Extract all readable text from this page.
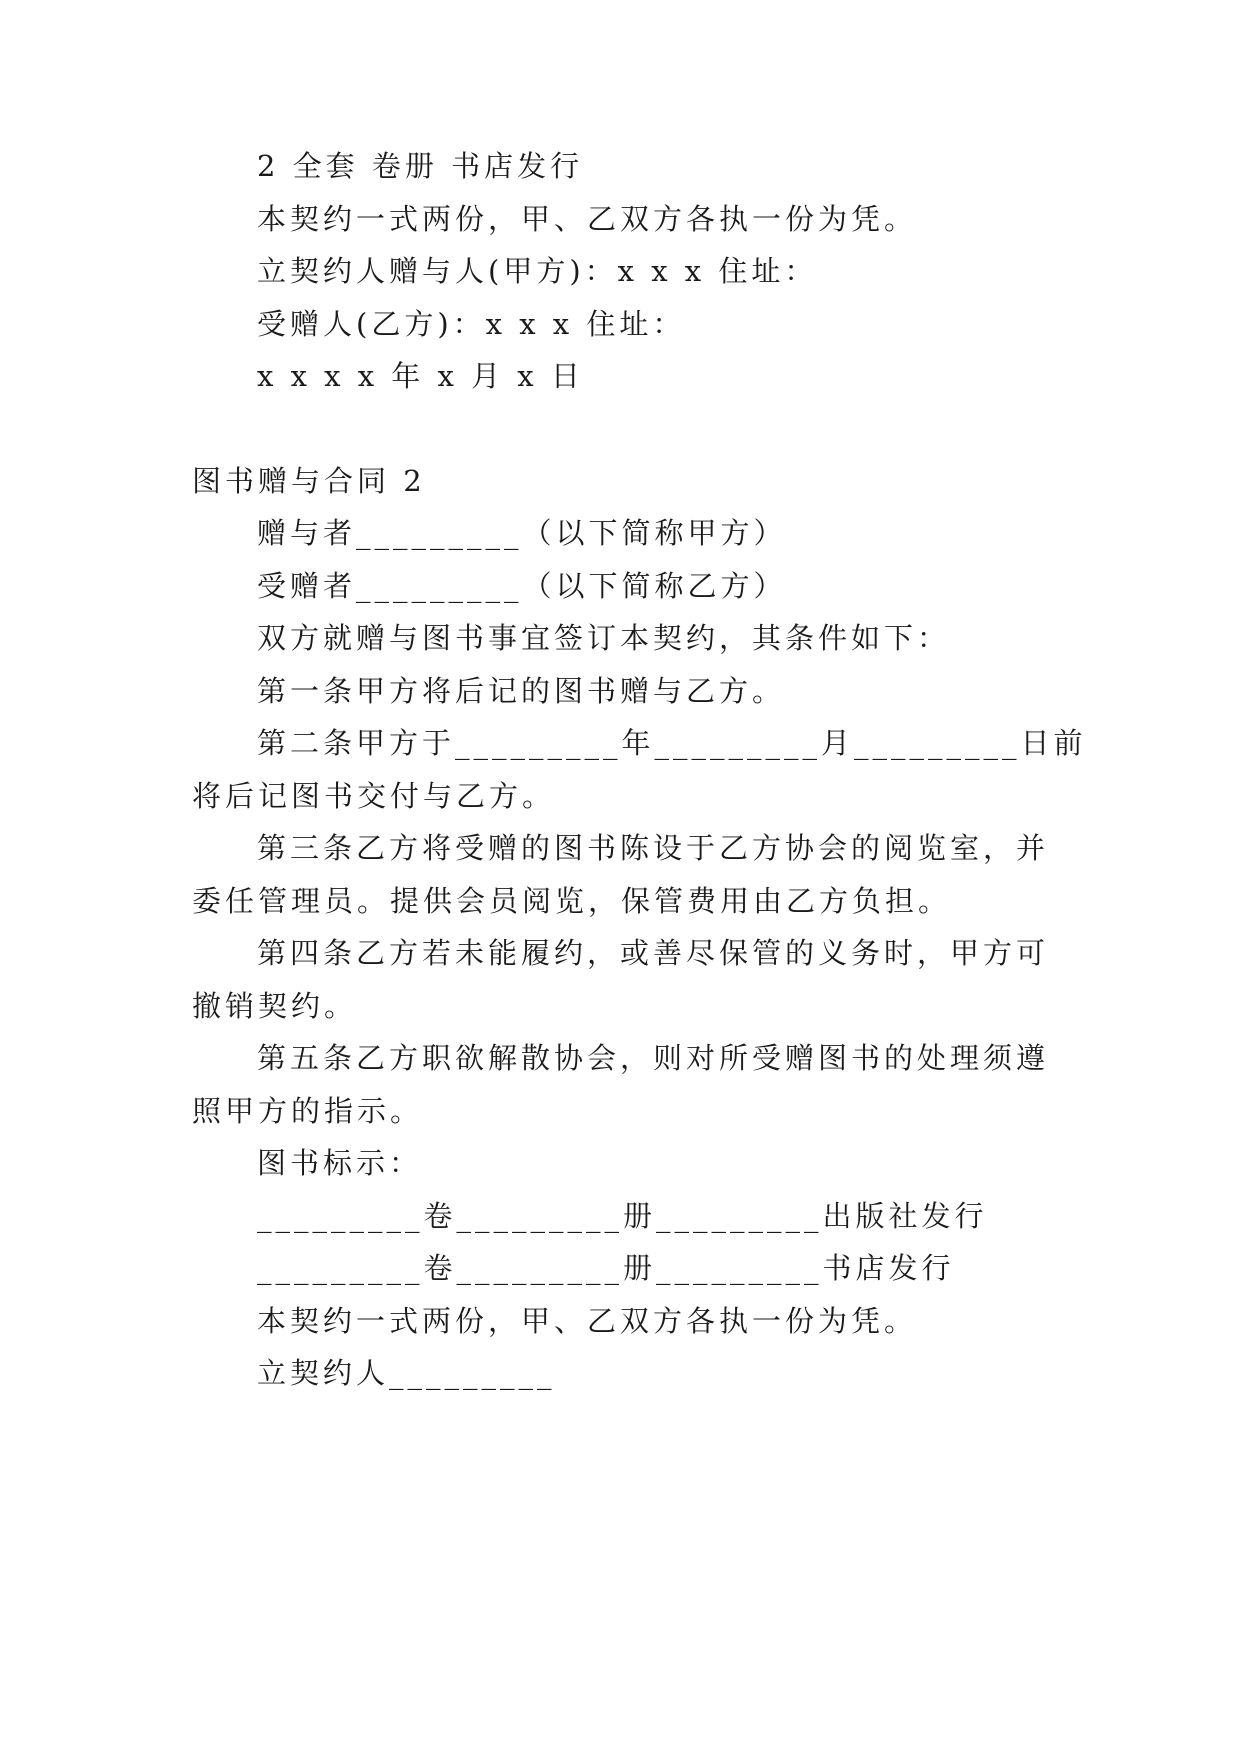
2 全套 卷册 书店发行
本契约一式两份，甲、乙双方各执一份为凭。
立契约人赠与人(甲方)：x x x 住址：
受赠人(乙方)：x x x 住址：
x x x x 年 x 月 x 日
图书赠与合同 2
赠与者_________（以下简称甲方）
受赠者_________（以下简称乙方）
双方就赠与图书事宜签订本契约，其条件如下：
第一条甲方将后记的图书赠与乙方。
第二条甲方于_________年_________月_________日前
将后记图书交付与乙方。
第三条乙方将受赠的图书陈设于乙方协会的阅览室，并
委任管理员。提供会员阅览，保管费用由乙方负担。
第四条乙方若未能履约，或善尽保管的义务时，甲方可
撤销契约。
第五条乙方职欲解散协会，则对所受赠图书的处理须遵
照甲方的指示。
图书标示：
_________卷_________册_________出版社发行
_________卷_________册_________书店发行
本契约一式两份，甲、乙双方各执一份为凭。
立契约人_________
